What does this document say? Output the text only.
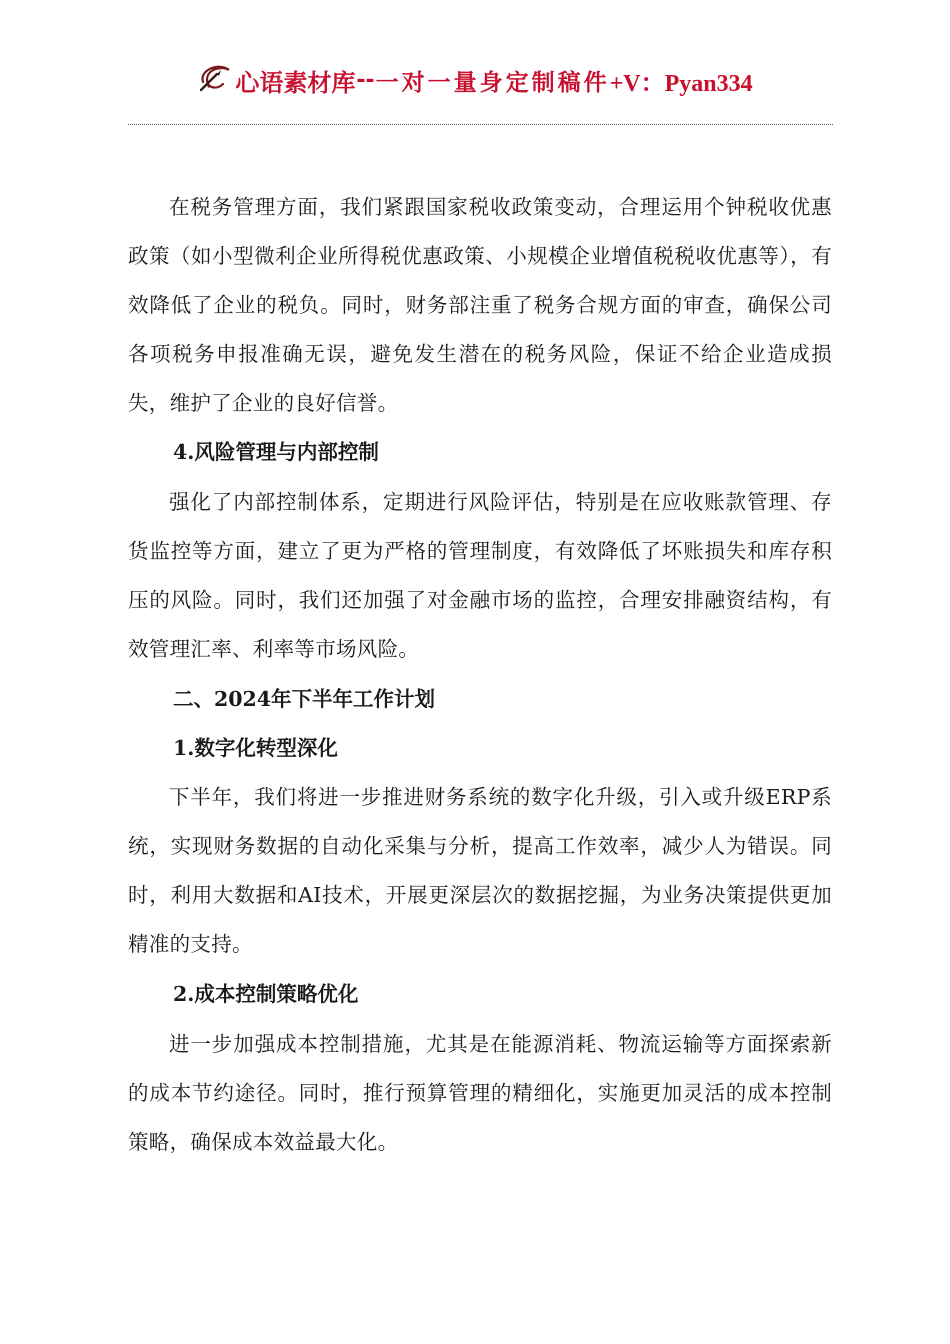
心语素材库 -- 一对一量身定制稿件 +V：Pyan334

在税务管理方面，我们紧跟国家税收政策变动，合理运用个钟税收优惠政策（如小型微利企业所得税优惠政策、小规模企业增值税税收优惠等），有效降低了企业的税负。同时，财务部注重了税务合规方面的审查，确保公司各项税务申报准确无误，避免发生潜在的税务风险，保证不给企业造成损失，维护了企业的良好信誉。

4.风险管理与内部控制

强化了内部控制体系，定期进行风险评估，特别是在应收账款管理、存货监控等方面，建立了更为严格的管理制度，有效降低了坏账损失和库存积压的风险。同时，我们还加强了对金融市场的监控，合理安排融资结构，有效管理汇率、利率等市场风险。

二、2024年下半年工作计划

1.数字化转型深化

下半年，我们将进一步推进财务系统的数字化升级，引入或升级ERP系统，实现财务数据的自动化采集与分析，提高工作效率，减少人为错误。同时，利用大数据和AI技术，开展更深层次的数据挖掘，为业务决策提供更加精准的支持。

2.成本控制策略优化

进一步加强成本控制措施，尤其是在能源消耗、物流运输等方面探索新的成本节约途径。同时，推行预算管理的精细化，实施更加灵活的成本控制策略，确保成本效益最大化。
